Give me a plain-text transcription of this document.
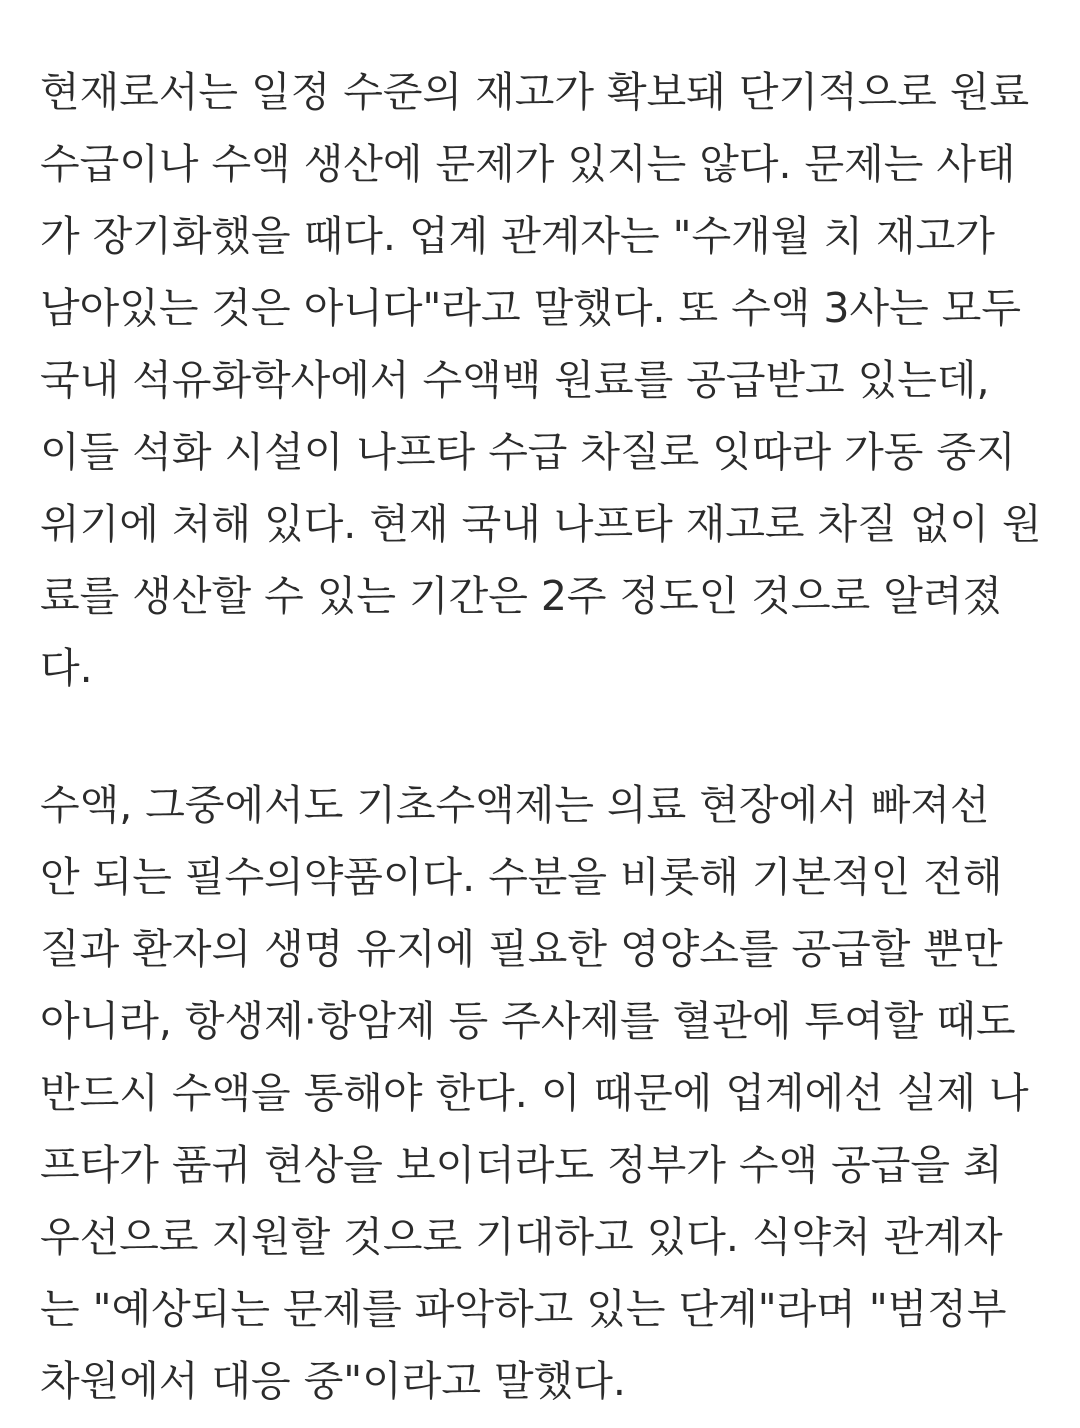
현재로서는 일정 수준의 재고가 확보돼 단기적으로 원료
수급이나 수액 생산에 문제가 있지는 않다. 문제는 사태
가 장기화했을 때다. 업계 관계자는 "수개월 치 재고가
남아있는 것은 아니다"라고 말했다. 또 수액 3사는 모두
국내 석유화학사에서 수액백 원료를 공급받고 있는데,
이들 석화 시설이 나프타 수급 차질로 잇따라 가동 중지
위기에 처해 있다. 현재 국내 나프타 재고로 차질 없이 원
료를 생산할 수 있는 기간은 2주 정도인 것으로 알려졌
다.

수액, 그중에서도 기초수액제는 의료 현장에서 빠져선
안 되는 필수의약품이다. 수분을 비롯해 기본적인 전해
질과 환자의 생명 유지에 필요한 영양소를 공급할 뿐만
아니라, 항생제·항암제 등 주사제를 혈관에 투여할 때도
반드시 수액을 통해야 한다. 이 때문에 업계에선 실제 나
프타가 품귀 현상을 보이더라도 정부가 수액 공급을 최
우선으로 지원할 것으로 기대하고 있다. 식약처 관계자
는 "예상되는 문제를 파악하고 있는 단계"라며 "범정부
차원에서 대응 중"이라고 말했다.
